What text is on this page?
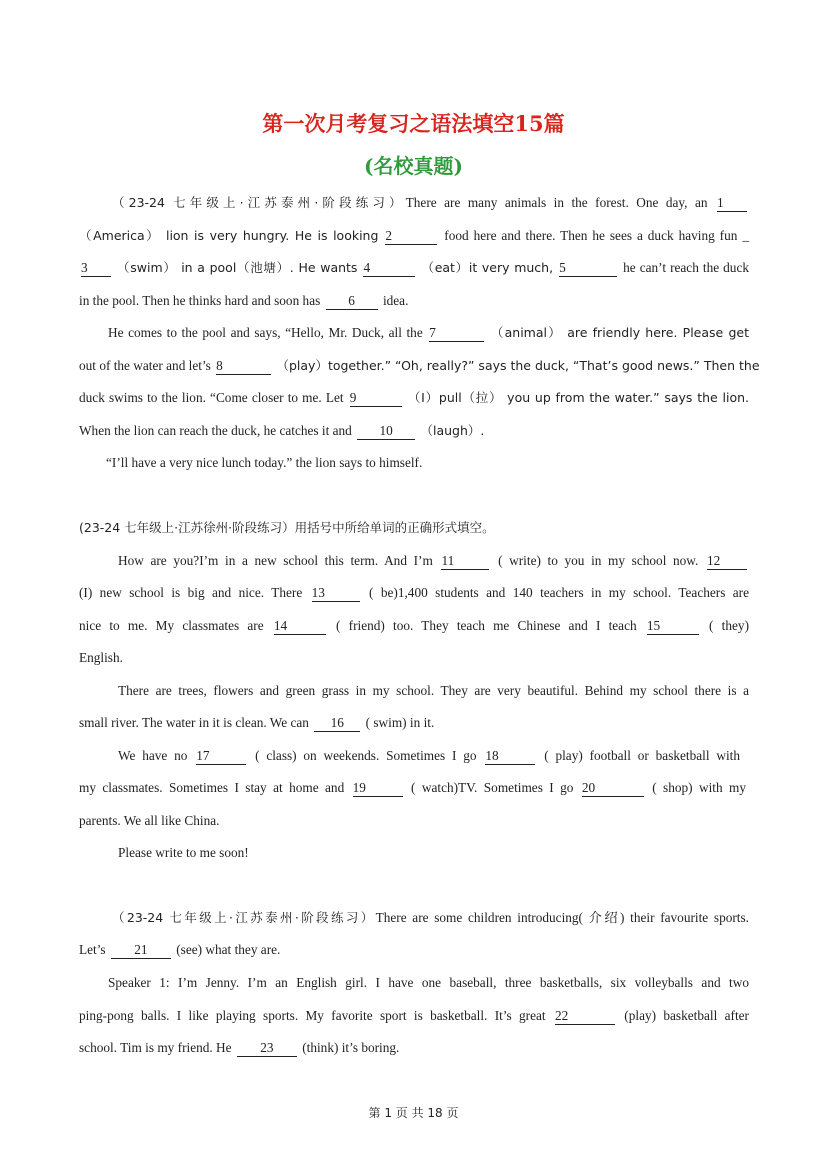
第一次月考复习之语法填空15篇
(名校真题)
（23-24 七年级上·江苏泰州·阶段练习）There are many animals in the forest. One day, an 1
（America） lion is very hungry. He is looking 2	food here and there. Then he sees a duck having fun _
3 （swim） in a pool（池塘）. He wants 4	（eat）it very much, 5	he can’t reach the duck
in the pool. Then he thinks hard and soon has 6 idea.
He comes to the pool and says, “Hello, Mr. Duck, all the 7	（animal） are friendly here. Please get
out of the water and let’s 8	（play）together.” “Oh, really?” says the duck, “That’s good news.” Then the
duck swims to the lion. “Come closer to me. Let 9	（I）pull（拉） you up from the water.” says the lion.
When the lion can reach the duck, he catches it and 10 （laugh）.
“I’ll have a very nice lunch today.” the lion says to himself.
(23-24 七年级上·江苏徐州·阶段练习）用括号中所给单词的正确形式填空。
How are you?I’m in a new school this term. And I’m 11	( write) to you in my school now. 12
(I) new school is big and nice. There 13	( be)1,400 students and 140 teachers in my school. Teachers are
nice to me. My classmates are 14	( friend) too. They teach me Chinese and I teach 15	( they)
English.
There are trees, flowers and green grass in my school. They are very beautiful. Behind my school there is a
small river. The water in it is clean. We can 16 ( swim) in it.
We have no 17	( class) on weekends. Sometimes I go 18	( play) football or basketball with
my classmates. Sometimes I stay at home and 19	( watch)TV. Sometimes I go 20	( shop) with my
parents. We all like China.
Please write to me soon!
（23-24 七年级上·江苏泰州·阶段练习）There are some children introducing( 介绍) their favourite sports.
Let’s 21 (see) what they are.
Speaker 1: I’m Jenny. I’m an English girl. I have one baseball, three basketballs, six volleyballs and two
ping-pong balls. I like playing sports. My favorite sport is basketball. It’s great 22	(play) basketball after
school. Tim is my friend. He 23 (think) it’s boring.
第 1 页 共 18 页
